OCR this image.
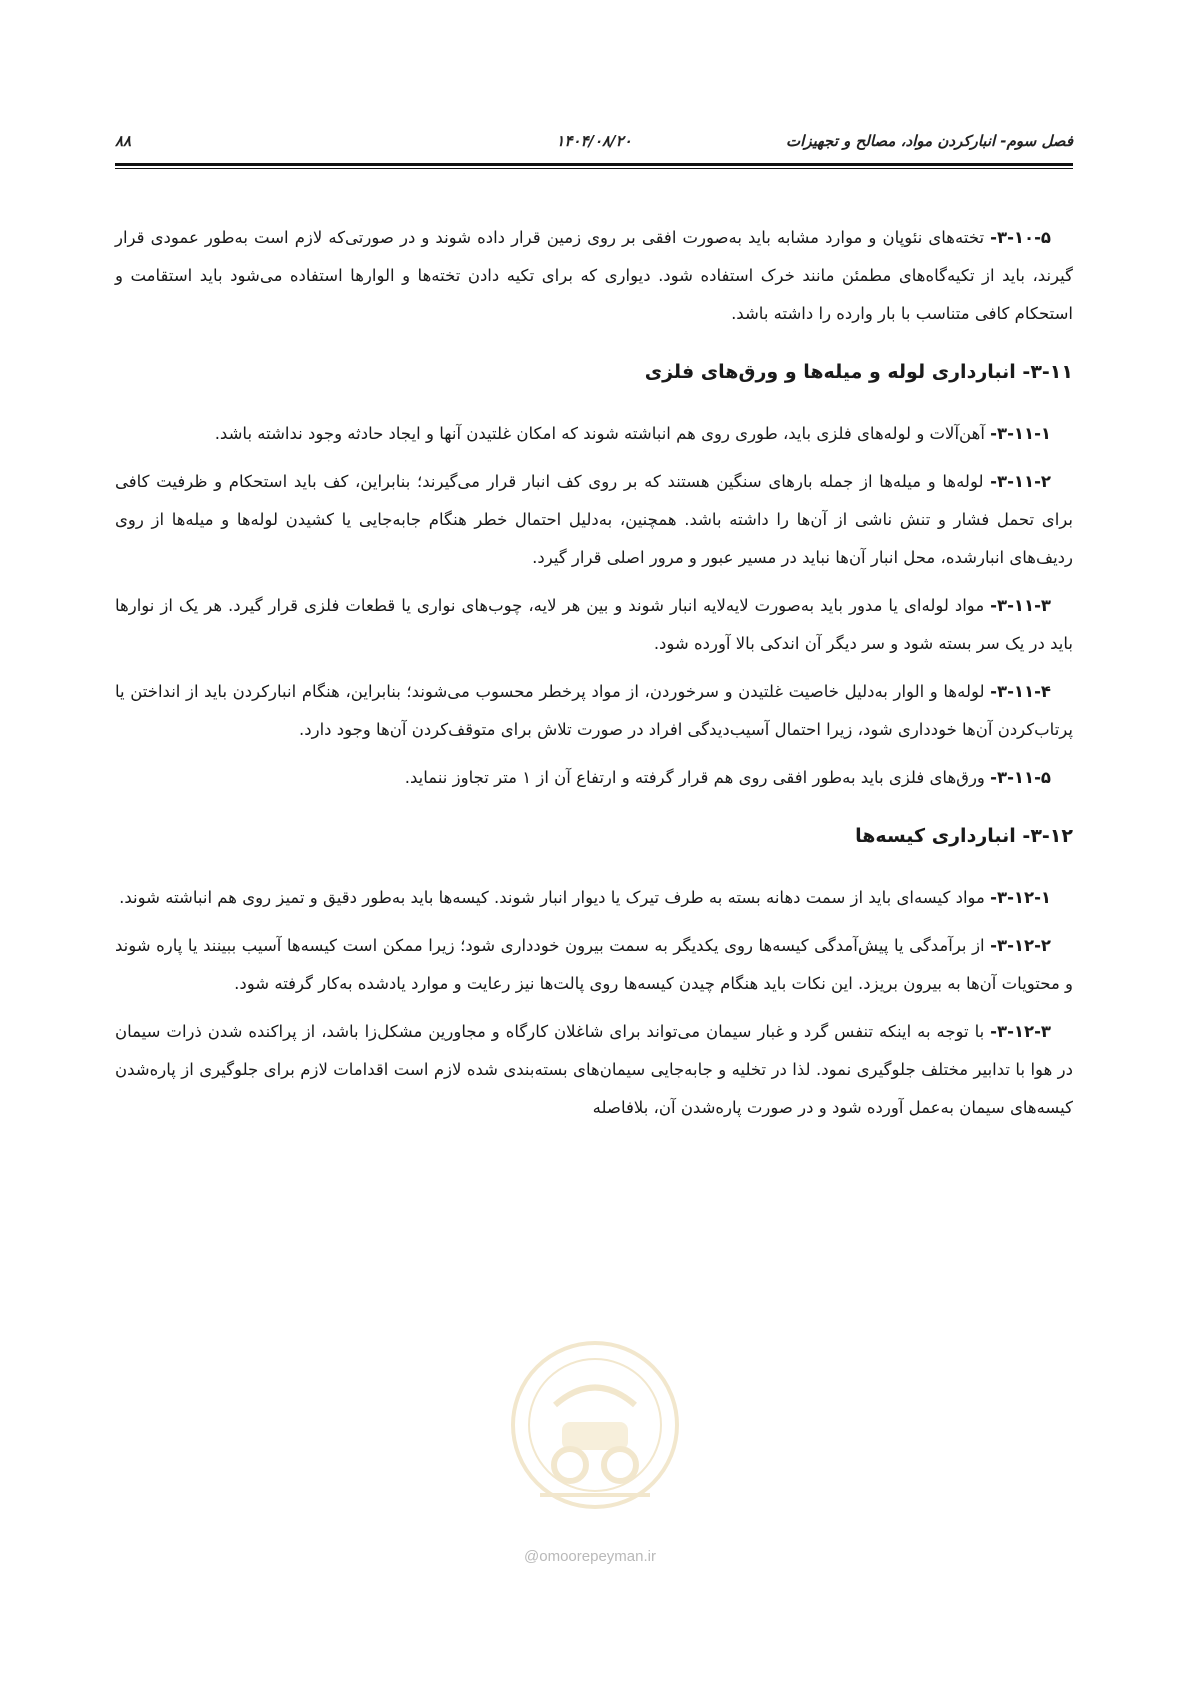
فصل سوم- انبارکردن مواد، مصالح و تجهیزات
۱۴۰۴/۰۸/۲۰
۸۸

۳-۱۰-۵- تخته‌های نئوپان و موارد مشابه باید به‌صورت افقی بر روی زمین قرار داده شوند و در صورتی‌که لازم است به‌طور عمودی قرار گیرند، باید از تکیه‌گاه‌های مطمئن مانند خرک استفاده شود. دیواری که برای تکیه دادن تخته‌ها و الوارها استفاده می‌شود باید استقامت و استحکام کافی متناسب با بار وارده را داشته باشد.

۳-۱۱- انبارداری لوله و میله‌ها و ورق‌های فلزی

۳-۱۱-۱- آهن‌آلات و لوله‌های فلزی باید، طوری روی هم انباشته شوند که امکان غلتیدن آنها و ایجاد حادثه وجود نداشته باشد.

۳-۱۱-۲- لوله‌ها و میله‌ها از جمله بارهای سنگین هستند که بر روی کف انبار قرار می‌گیرند؛ بنابراین، کف باید استحکام و ظرفیت کافی برای تحمل فشار و تنش ناشی از آن‌ها را داشته باشد. همچنین، به‌دلیل احتمال خطر هنگام جابه‌جایی یا کشیدن لوله‌ها و میله‌ها از روی ردیف‌های انبارشده، محل انبار آن‌ها نباید در مسیر عبور و مرور اصلی قرار گیرد.

۳-۱۱-۳- مواد لوله‌ای یا مدور باید به‌صورت لایه‌لایه انبار شوند و بین هر لایه، چوب‌های نواری یا قطعات فلزی قرار گیرد. هر یک از نوارها باید در یک سر بسته شود و سر دیگر آن اندکی بالا آورده شود.

۳-۱۱-۴- لوله‌ها و الوار به‌دلیل خاصیت غلتیدن و سرخوردن، از مواد پرخطر محسوب می‌شوند؛ بنابراین، هنگام انبارکردن باید از انداختن یا پرتاب‌کردن آن‌ها خودداری شود، زیرا احتمال آسیب‌دیدگی افراد در صورت تلاش برای متوقف‌کردن آن‌ها وجود دارد.

۳-۱۱-۵- ورق‌های فلزی باید به‌طور افقی روی هم قرار گرفته و ارتفاع آن از ۱ متر تجاوز ننماید.

۳-۱۲- انبارداری کیسه‌ها

۳-۱۲-۱- مواد کیسه‌ای باید از سمت دهانه بسته به طرف تیرک یا دیوار انبار شوند. کیسه‌ها باید به‌طور دقیق و تمیز روی هم انباشته شوند.

۳-۱۲-۲- از برآمدگی یا پیش‌آمدگی کیسه‌ها روی یکدیگر به سمت بیرون خودداری شود؛ زیرا ممکن است کیسه‌ها آسیب ببینند یا پاره شوند و محتویات آن‌ها به بیرون بریزد. این نکات باید هنگام چیدن کیسه‌ها روی پالت‌ها نیز رعایت و موارد یادشده به‌کار گرفته شود.

۳-۱۲-۳- با توجه به اینکه تنفس گرد و غبار سیمان می‌تواند برای شاغلان کارگاه و مجاورین مشکل‌زا باشد، از پراکنده شدن ذرات سیمان در هوا با تدابیر مختلف جلوگیری نمود. لذا در تخلیه و جابه‌جایی سیمان‌های بسته‌بندی شده لازم است اقدامات لازم برای جلوگیری از پاره‌شدن کیسه‌های سیمان به‌عمل آورده شود و در صورت پاره‌شدن آن، بلافاصله

@omoorepeyman.ir
